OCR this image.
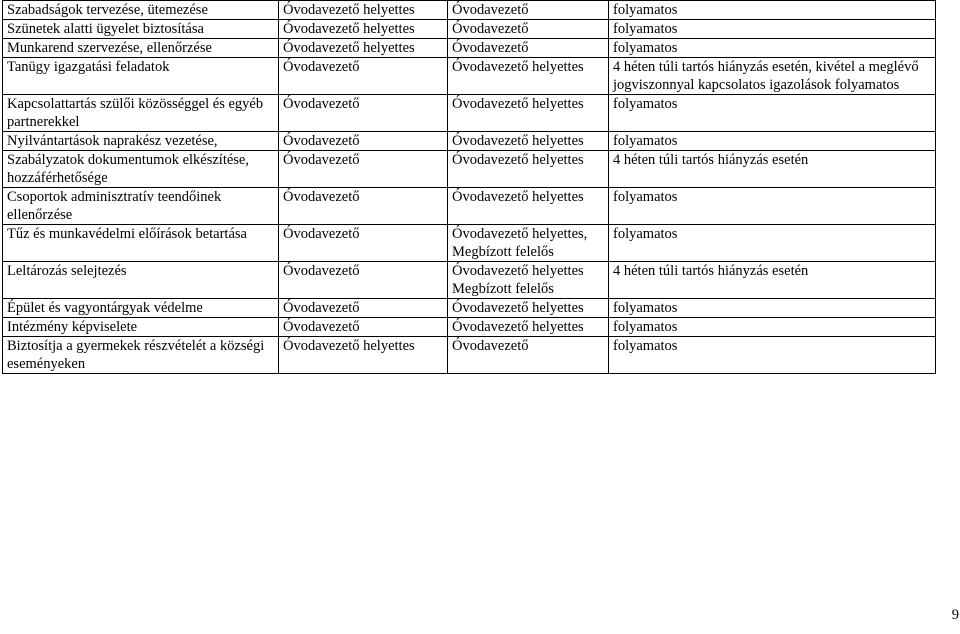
Szabadságok tervezése, ütemezése	Óvodavezető helyettes	Óvodavezető	folyamatos
Szünetek alatti ügyelet biztosítása	Óvodavezető helyettes	Óvodavezető	folyamatos
Munkarend szervezése, ellenőrzése	Óvodavezető helyettes	Óvodavezető	folyamatos
Tanügy igazgatási feladatok	Óvodavezető	Óvodavezető helyettes	4 héten túli tartós hiányzás esetén, kivétel a meglévő jogviszonnyal kapcsolatos igazolások folyamatos
Kapcsolattartás szülői közösséggel és egyéb partnerekkel	Óvodavezető	Óvodavezető helyettes	folyamatos
Nyilvántartások naprakész vezetése,	Óvodavezető	Óvodavezető helyettes	folyamatos
Szabályzatok dokumentumok elkészítése, hozzáférhetősége	Óvodavezető	Óvodavezető helyettes	4 héten túli tartós hiányzás esetén
Csoportok adminisztratív teendőinek ellenőrzése	Óvodavezető	Óvodavezető helyettes	folyamatos
Tűz és munkavédelmi előírások betartása	Óvodavezető	Óvodavezető helyettes, Megbízott felelős	folyamatos
Leltározás selejtezés	Óvodavezető	Óvodavezető helyettes Megbízott felelős	4 héten túli tartós hiányzás esetén
Épület és vagyontárgyak védelme	Óvodavezető	Óvodavezető helyettes	folyamatos
Intézmény képviselete	Óvodavezető	Óvodavezető helyettes	folyamatos
Biztosítja a gyermekek részvételét a községi eseményeken	Óvodavezető helyettes	Óvodavezető	folyamatos
9
